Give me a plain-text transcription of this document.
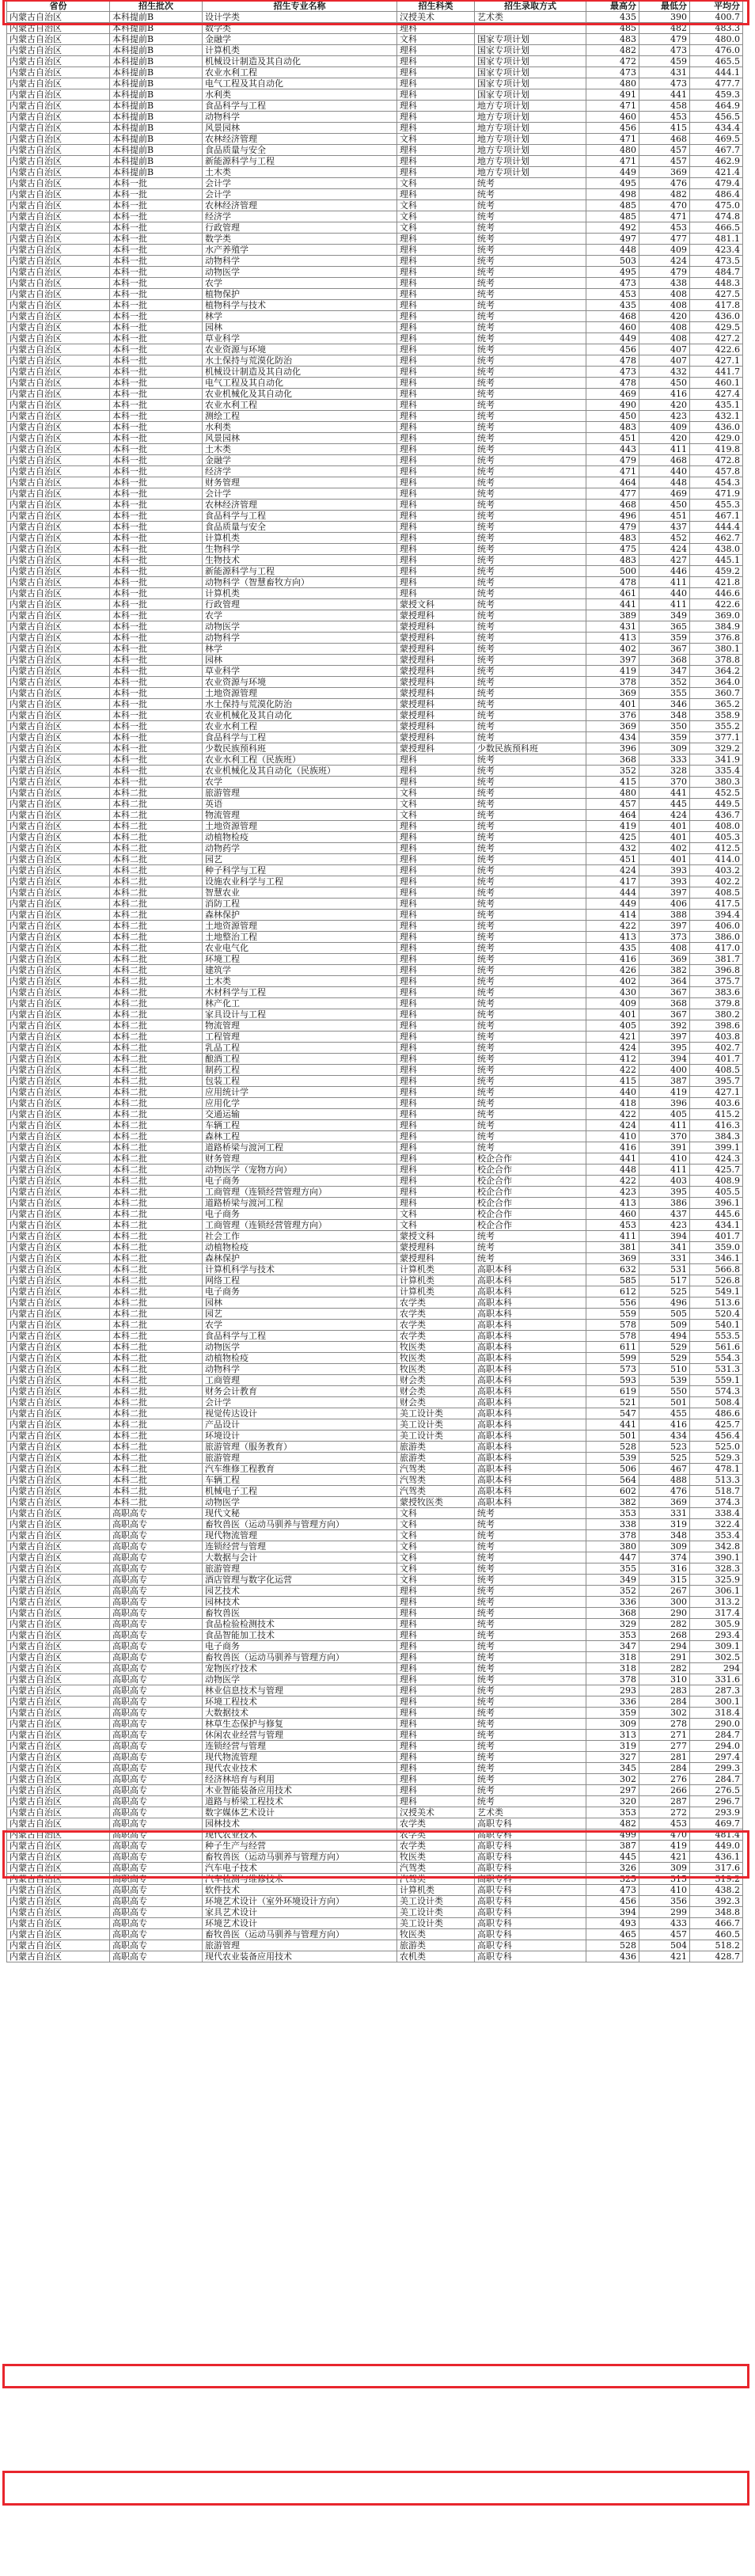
省份	招生批次	招生专业名称	招生科类	招生录取方式	最高分	最低分	平均分
内蒙古自治区	本科提前B	设计学类	汉授美术	艺术类	435	390	400.7
内蒙古自治区	本科提前B	数学类	理科		485	482	483.3
内蒙古自治区	本科提前B	金融学	文科	国家专项计划	483	479	480.0
内蒙古自治区	本科提前B	计算机类	理科	国家专项计划	482	473	476.0
内蒙古自治区	本科提前B	机械设计制造及其自动化	理科	国家专项计划	472	459	465.5
内蒙古自治区	本科提前B	农业水利工程	理科	国家专项计划	473	431	444.1
内蒙古自治区	本科提前B	电气工程及其自动化	理科	国家专项计划	480	473	477.7
内蒙古自治区	本科提前B	水利类	理科	国家专项计划	491	441	459.3
内蒙古自治区	本科提前B	食品科学与工程	理科	地方专项计划	471	458	464.9
内蒙古自治区	本科提前B	动物科学	理科	地方专项计划	460	453	456.5
内蒙古自治区	本科提前B	风景园林	理科	地方专项计划	456	415	434.4
内蒙古自治区	本科提前B	农林经济管理	文科	地方专项计划	471	468	469.5
内蒙古自治区	本科提前B	食品质量与安全	理科	地方专项计划	480	457	467.7
内蒙古自治区	本科提前B	新能源科学与工程	理科	地方专项计划	471	457	462.9
内蒙古自治区	本科提前B	土木类	理科	地方专项计划	449	369	421.4
内蒙古自治区	本科一批	会计学	文科	统考	495	476	479.4
内蒙古自治区	本科一批	会计学	理科	统考	498	482	486.4
内蒙古自治区	本科一批	农林经济管理	文科	统考	485	470	475.0
内蒙古自治区	本科一批	经济学	文科	统考	485	471	474.8
内蒙古自治区	本科一批	行政管理	文科	统考	492	453	466.5
内蒙古自治区	本科一批	数学类	理科	统考	497	477	481.1
内蒙古自治区	本科一批	水产养殖学	理科	统考	448	409	423.4
内蒙古自治区	本科一批	动物科学	理科	统考	503	424	473.5
内蒙古自治区	本科一批	动物医学	理科	统考	495	479	484.7
内蒙古自治区	本科一批	农学	理科	统考	473	438	448.3
内蒙古自治区	本科一批	植物保护	理科	统考	453	408	427.5
内蒙古自治区	本科一批	植物科学与技术	理科	统考	435	408	417.8
内蒙古自治区	本科一批	林学	理科	统考	468	420	436.0
内蒙古自治区	本科一批	园林	理科	统考	460	408	429.5
内蒙古自治区	本科一批	草业科学	理科	统考	449	408	427.2
内蒙古自治区	本科一批	农业资源与环境	理科	统考	456	407	422.6
内蒙古自治区	本科一批	水土保持与荒漠化防治	理科	统考	478	407	427.1
内蒙古自治区	本科一批	机械设计制造及其自动化	理科	统考	473	432	441.7
内蒙古自治区	本科一批	电气工程及其自动化	理科	统考	478	450	460.1
内蒙古自治区	本科一批	农业机械化及其自动化	理科	统考	469	416	427.4
内蒙古自治区	本科一批	农业水利工程	理科	统考	490	420	435.1
内蒙古自治区	本科一批	测绘工程	理科	统考	450	423	432.1
内蒙古自治区	本科一批	水利类	理科	统考	483	409	436.0
内蒙古自治区	本科一批	风景园林	理科	统考	451	420	429.0
内蒙古自治区	本科一批	土木类	理科	统考	443	411	419.8
内蒙古自治区	本科一批	金融学	理科	统考	479	468	472.8
内蒙古自治区	本科一批	经济学	理科	统考	471	440	457.8
内蒙古自治区	本科一批	财务管理	理科	统考	464	448	454.3
内蒙古自治区	本科一批	会计学	理科	统考	477	469	471.9
内蒙古自治区	本科一批	农林经济管理	理科	统考	468	450	455.3
内蒙古自治区	本科一批	食品科学与工程	理科	统考	496	451	467.1
内蒙古自治区	本科一批	食品质量与安全	理科	统考	479	437	444.4
内蒙古自治区	本科一批	计算机类	理科	统考	483	452	462.7
内蒙古自治区	本科一批	生物科学	理科	统考	475	424	438.0
内蒙古自治区	本科一批	生物技术	理科	统考	483	427	445.1
内蒙古自治区	本科一批	新能源科学与工程	理科	统考	500	446	459.2
内蒙古自治区	本科一批	动物科学（智慧畜牧方向）	理科	统考	478	411	421.8
内蒙古自治区	本科一批	计算机类	理科	统考	461	440	446.6
内蒙古自治区	本科一批	行政管理	蒙授文科	统考	441	411	422.6
内蒙古自治区	本科一批	农学	蒙授理科	统考	389	349	369.0
内蒙古自治区	本科一批	动物医学	蒙授理科	统考	431	365	384.9
内蒙古自治区	本科一批	动物科学	蒙授理科	统考	413	359	376.8
内蒙古自治区	本科一批	林学	蒙授理科	统考	402	367	380.1
内蒙古自治区	本科一批	园林	蒙授理科	统考	397	368	378.8
内蒙古自治区	本科一批	草业科学	蒙授理科	统考	419	347	364.2
内蒙古自治区	本科一批	农业资源与环境	蒙授理科	统考	378	352	364.0
内蒙古自治区	本科一批	土地资源管理	蒙授理科	统考	369	355	360.7
内蒙古自治区	本科一批	水土保持与荒漠化防治	蒙授理科	统考	401	346	365.2
内蒙古自治区	本科一批	农业机械化及其自动化	蒙授理科	统考	376	348	358.9
内蒙古自治区	本科一批	农业水利工程	蒙授理科	统考	369	350	355.2
内蒙古自治区	本科一批	食品科学与工程	蒙授理科	统考	434	359	377.1
内蒙古自治区	本科一批	少数民族预科班	蒙授理科	少数民族预科班	396	309	329.2
内蒙古自治区	本科一批	农业水利工程（民族班）	理科	统考	368	333	341.9
内蒙古自治区	本科一批	农业机械化及其自动化（民族班）	理科	统考	352	328	335.4
内蒙古自治区	本科一批	农学	理科	统考	415	370	380.3
内蒙古自治区	本科二批	旅游管理	文科	统考	480	441	452.5
内蒙古自治区	本科二批	英语	文科	统考	457	445	449.5
内蒙古自治区	本科二批	物流管理	文科	统考	464	424	436.7
内蒙古自治区	本科二批	土地资源管理	理科	统考	419	401	408.0
内蒙古自治区	本科二批	动植物检疫	理科	统考	425	401	405.3
内蒙古自治区	本科二批	动物药学	理科	统考	432	402	412.5
内蒙古自治区	本科二批	园艺	理科	统考	451	401	414.0
内蒙古自治区	本科二批	种子科学与工程	理科	统考	424	393	403.2
内蒙古自治区	本科二批	设施农业科学与工程	理科	统考	417	393	402.2
内蒙古自治区	本科二批	智慧农业	理科	统考	444	397	408.5
内蒙古自治区	本科二批	消防工程	理科	统考	449	406	417.5
内蒙古自治区	本科二批	森林保护	理科	统考	414	388	394.4
内蒙古自治区	本科二批	土地资源管理	理科	统考	422	397	406.0
内蒙古自治区	本科二批	土地整治工程	理科	统考	413	373	386.0
内蒙古自治区	本科二批	农业电气化	理科	统考	435	408	417.0
内蒙古自治区	本科二批	环境工程	理科	统考	416	369	381.7
内蒙古自治区	本科二批	建筑学	理科	统考	426	382	396.8
内蒙古自治区	本科二批	土木类	理科	统考	402	364	375.7
内蒙古自治区	本科二批	木材科学与工程	理科	统考	430	367	383.6
内蒙古自治区	本科二批	林产化工	理科	统考	409	368	379.8
内蒙古自治区	本科二批	家具设计与工程	理科	统考	401	367	380.2
内蒙古自治区	本科二批	物流管理	理科	统考	405	392	398.6
内蒙古自治区	本科二批	工程管理	理科	统考	421	397	403.8
内蒙古自治区	本科二批	乳品工程	理科	统考	424	395	402.7
内蒙古自治区	本科二批	酿酒工程	理科	统考	412	394	401.7
内蒙古自治区	本科二批	制药工程	理科	统考	422	400	408.5
内蒙古自治区	本科二批	包装工程	理科	统考	415	387	395.7
内蒙古自治区	本科二批	应用统计学	理科	统考	440	419	427.1
内蒙古自治区	本科二批	应用化学	理科	统考	418	396	403.6
内蒙古自治区	本科二批	交通运输	理科	统考	422	405	415.2
内蒙古自治区	本科二批	车辆工程	理科	统考	424	411	416.3
内蒙古自治区	本科二批	森林工程	理科	统考	410	370	384.3
内蒙古自治区	本科二批	道路桥梁与渡河工程	理科	统考	416	391	399.1
内蒙古自治区	本科二批	财务管理	理科	校企合作	441	410	424.3
内蒙古自治区	本科二批	动物医学（宠物方向）	理科	校企合作	448	411	425.7
内蒙古自治区	本科二批	电子商务	理科	校企合作	422	403	408.9
内蒙古自治区	本科二批	工商管理（连锁经营管理方向）	理科	校企合作	423	395	405.5
内蒙古自治区	本科二批	道路桥梁与渡河工程	理科	校企合作	413	386	396.1
内蒙古自治区	本科二批	电子商务	文科	校企合作	460	437	445.6
内蒙古自治区	本科二批	工商管理（连锁经营管理方向）	文科	校企合作	453	423	434.1
内蒙古自治区	本科二批	社会工作	蒙授文科	统考	411	394	401.7
内蒙古自治区	本科二批	动植物检疫	蒙授理科	统考	381	341	359.0
内蒙古自治区	本科二批	森林保护	蒙授理科	统考	369	331	346.1
内蒙古自治区	本科二批	计算机科学与技术	计算机类	高职本科	632	531	566.8
内蒙古自治区	本科二批	网络工程	计算机类	高职本科	585	517	526.8
内蒙古自治区	本科二批	电子商务	计算机类	高职本科	612	525	549.1
内蒙古自治区	本科二批	园林	农学类	高职本科	556	496	513.6
内蒙古自治区	本科二批	园艺	农学类	高职本科	559	505	520.4
内蒙古自治区	本科二批	农学	农学类	高职本科	578	509	540.1
内蒙古自治区	本科二批	食品科学与工程	农学类	高职本科	578	494	553.5
内蒙古自治区	本科二批	动物医学	牧医类	高职本科	611	529	561.6
内蒙古自治区	本科二批	动植物检疫	牧医类	高职本科	599	529	554.3
内蒙古自治区	本科二批	动物科学	牧医类	高职本科	573	510	531.3
内蒙古自治区	本科二批	工商管理	财会类	高职本科	593	539	559.1
内蒙古自治区	本科二批	财务会计教育	财会类	高职本科	619	550	574.3
内蒙古自治区	本科二批	会计学	财会类	高职本科	521	501	508.4
内蒙古自治区	本科二批	视觉传达设计	美工设计类	高职本科	547	455	486.6
内蒙古自治区	本科二批	产品设计	美工设计类	高职本科	441	416	425.7
内蒙古自治区	本科二批	环境设计	美工设计类	高职本科	501	434	456.4
内蒙古自治区	本科二批	旅游管理（服务教育）	旅游类	高职本科	528	523	525.0
内蒙古自治区	本科二批	旅游管理	旅游类	高职本科	539	525	529.3
内蒙古自治区	本科二批	汽车维修工程教育	汽驾类	高职本科	506	467	478.1
内蒙古自治区	本科二批	车辆工程	汽驾类	高职本科	564	488	513.3
内蒙古自治区	本科二批	机械电子工程	汽驾类	高职本科	602	476	518.7
内蒙古自治区	本科二批	动物医学	蒙授牧医类	高职本科	382	369	374.3
内蒙古自治区	高职高专	现代文秘	文科	统考	353	331	338.4
内蒙古自治区	高职高专	畜牧兽医（运动马驯养与管理方向）	文科	统考	338	319	322.4
内蒙古自治区	高职高专	现代物流管理	文科	统考	378	348	353.4
内蒙古自治区	高职高专	连锁经营与管理	文科	统考	380	309	342.8
内蒙古自治区	高职高专	大数据与会计	文科	统考	447	374	390.1
内蒙古自治区	高职高专	旅游管理	文科	统考	355	316	328.3
内蒙古自治区	高职高专	酒店管理与数字化运营	文科	统考	349	315	325.9
内蒙古自治区	高职高专	园艺技术	理科	统考	352	267	306.1
内蒙古自治区	高职高专	园林技术	理科	统考	336	300	313.2
内蒙古自治区	高职高专	畜牧兽医	理科	统考	368	290	317.4
内蒙古自治区	高职高专	食品检验检测技术	理科	统考	329	282	305.9
内蒙古自治区	高职高专	食品智能加工技术	理科	统考	353	268	293.4
内蒙古自治区	高职高专	电子商务	理科	统考	347	294	309.1
内蒙古自治区	高职高专	畜牧兽医（运动马驯养与管理方向）	理科	统考	318	291	302.5
内蒙古自治区	高职高专	宠物医疗技术	理科	统考	318	282	294
内蒙古自治区	高职高专	动物医学	理科	统考	378	310	331.6
内蒙古自治区	高职高专	林业信息技术与管理	理科	统考	293	283	287.3
内蒙古自治区	高职高专	环境工程技术	理科	统考	336	284	300.1
内蒙古自治区	高职高专	大数据技术	理科	统考	359	302	318.4
内蒙古自治区	高职高专	林草生态保护与修复	理科	统考	309	278	290.0
内蒙古自治区	高职高专	休闲农业经营与管理	理科	统考	313	271	284.7
内蒙古自治区	高职高专	连锁经营与管理	理科	统考	319	277	294.0
内蒙古自治区	高职高专	现代物流管理	理科	统考	327	281	297.4
内蒙古自治区	高职高专	现代农业技术	理科	统考	345	284	299.3
内蒙古自治区	高职高专	经济林培育与利用	理科	统考	302	276	284.7
内蒙古自治区	高职高专	木业智能装备应用技术	理科	统考	297	266	276.5
内蒙古自治区	高职高专	道路与桥梁工程技术	理科	统考	320	287	296.7
内蒙古自治区	高职高专	数字媒体艺术设计	汉授美术	艺术类	353	272	293.9
内蒙古自治区	高职高专	园林技术	农学类	高职专科	482	453	469.7
内蒙古自治区	高职高专	现代农业技术	农学类	高职专科	499	470	481.4
内蒙古自治区	高职高专	种子生产与经营	农学类	高职专科	387	419	449.0
内蒙古自治区	高职高专	畜牧兽医（运动马驯养与管理方向）	牧医类	高职专科	445	421	436.1
内蒙古自治区	高职高专	汽车电子技术	汽驾类	高职专科	326	309	317.6
内蒙古自治区	高职高专	汽车检测与维修技术	汽驾类	高职专科	325	315	319.2
内蒙古自治区	高职高专	软件技术	计算机类	高职专科	473	410	438.2
内蒙古自治区	高职高专	环境艺术设计（室外环境设计方向）	美工设计类	高职专科	456	356	392.3
内蒙古自治区	高职高专	家具艺术设计	美工设计类	高职专科	394	299	348.8
内蒙古自治区	高职高专	环境艺术设计	美工设计类	高职专科	493	433	466.7
内蒙古自治区	高职高专	畜牧兽医（运动马驯养与管理方向）	牧医类	高职专科	465	457	460.5
内蒙古自治区	高职高专	旅游管理	旅游类	高职专科	528	504	518.2
内蒙古自治区	高职高专	现代农业装备应用技术	农机类	高职专科	436	421	428.7
